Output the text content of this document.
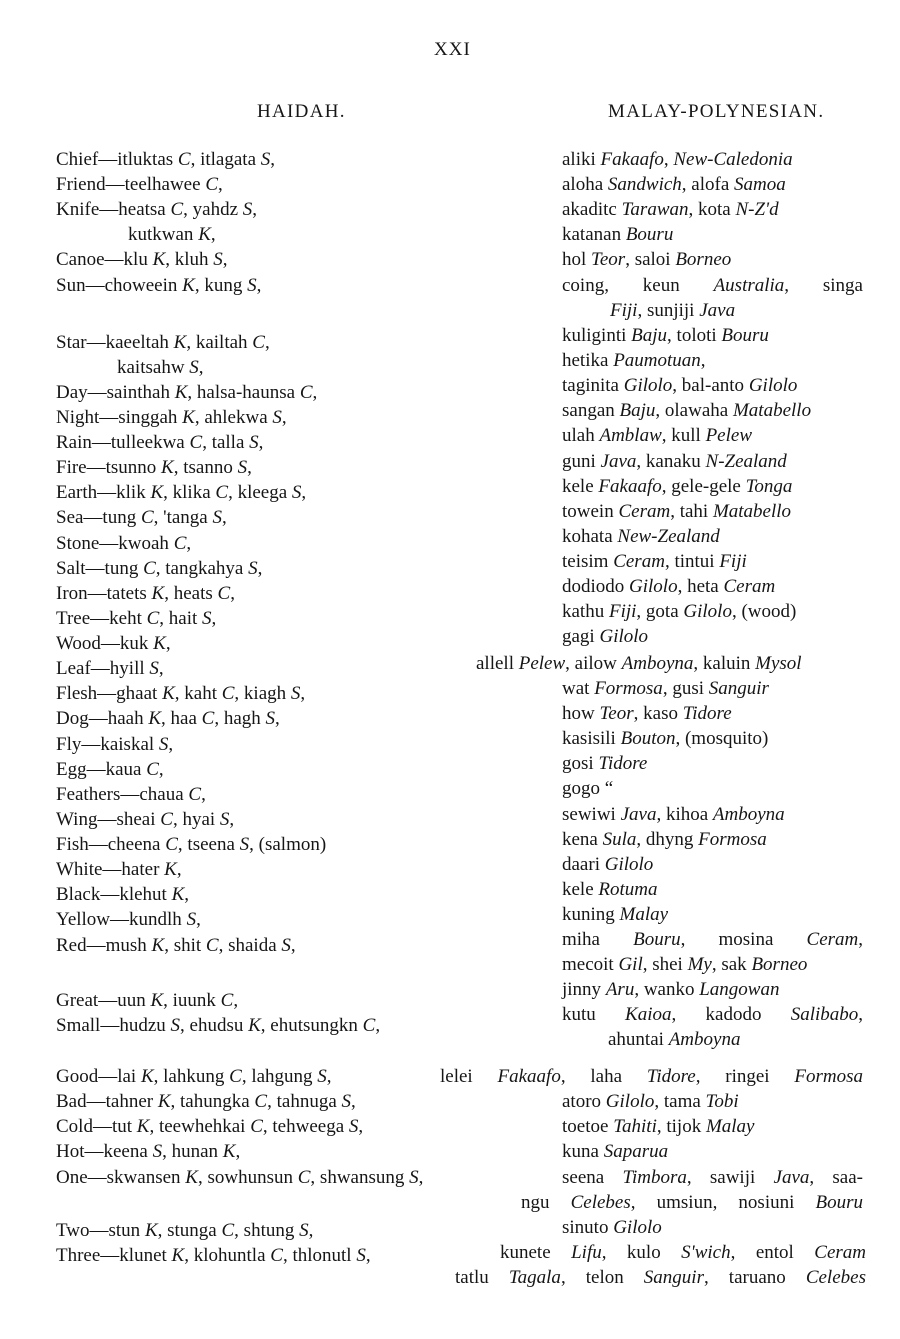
XXI
HAIDAH.	MALAY-POLYNESIAN.
Chief—itluktas C, itlagata S,
Friend—teelhawee C,
Knife—heatsa C, yahdz S,
kutkwan K,
Canoe—klu K, kluh S,
Sun—choweein K, kung S,
Star—kaeeltah K, kailtah C,
kaitsahw S,
Day—sainthah K, halsa-haunsa C,
Night—singgah K, ahlekwa S,
Rain—tulleekwa C, talla S,
Fire—tsunno K, tsanno S,
Earth—klik K, klika C, kleega S,
Sea—tung C, 'tanga S,
Stone—kwoah C,
Salt—tung C, tangkahya S,
Iron—tatets K, heats C,
Tree—keht C, hait S,
Wood—kuk K,
Leaf—hyill S,
Flesh—ghaat K, kaht C, kiagh S,
Dog—haah K, haa C, hagh S,
Fly—kaiskal S,
Egg—kaua C,
Feathers—chaua C,
Wing—sheai C, hyai S,
Fish—cheena C, tseena S, (salmon)
White—hater K,
Black—klehut K,
Yellow—kundlh S,
Red—mush K, shit C, shaida S,
Great—uun K, iuunk C,
Small—hudzu S, ehudsu K, ehutsungkn C,
Good—lai K, lahkung C, lahgung S,
Bad—tahner K, tahungka C, tahnuga S,
Cold—tut K, teewhehkai C, tehweega S,
Hot—keena S, hunan K,
One—skwansen K, sowhunsun C, shwansung S,
Two—stun K, stunga C, shtung S,
Three—klunet K, klohuntla C, thlonutl S,
aliki Fakaafo, New-Caledonia
aloha Sandwich, alofa Samoa
akaditc Tarawan, kota N-Z'd
katanan Bouru
hol Teor, saloi Borneo
coing, keun Australia, singa
Fiji, sunjiji Java
kuliginti Baju, toloti Bouru
hetika Paumotuan,
taginita Gilolo, bal-anto Gilolo
sangan Baju, olawaha Matabello
ulah Amblaw, kull Pelew
guni Java, kanaku N-Zealand
kele Fakaafo, gele-gele Tonga
towein Ceram, tahi Matabello
kohata New-Zealand
teisim Ceram, tintui Fiji
dodiodo Gilolo, heta Ceram
kathu Fiji, gota Gilolo, (wood)
gagi Gilolo
allell Pelew, ailow Amboyna, kaluin Mysol
wat Formosa, gusi Sanguir
how Teor, kaso Tidore
kasisili Bouton, (mosquito)
gosi Tidore
gogo “
sewiwi Java, kihoa Amboyna
kena Sula, dhyng Formosa
daari Gilolo
kele Rotuma
kuning Malay
miha Bouru, mosina Ceram,
mecoit Gil, shei My, sak Borneo
jinny Aru, wanko Langowan
kutu Kaioa, kadodo Salibabo,
ahuntai Amboyna
lelei Fakaafo, laha Tidore, ringei Formosa
atoro Gilolo, tama Tobi
toetoe Tahiti, tijok Malay
kuna Saparua
seena Timbora, sawiji Java, saa-
ngu Celebes, umsiun, nosiuni Bouru
sinuto Gilolo
kunete Lifu, kulo S'wich, entol Ceram
tatlu Tagala, telon Sanguir, taruano Celebes
